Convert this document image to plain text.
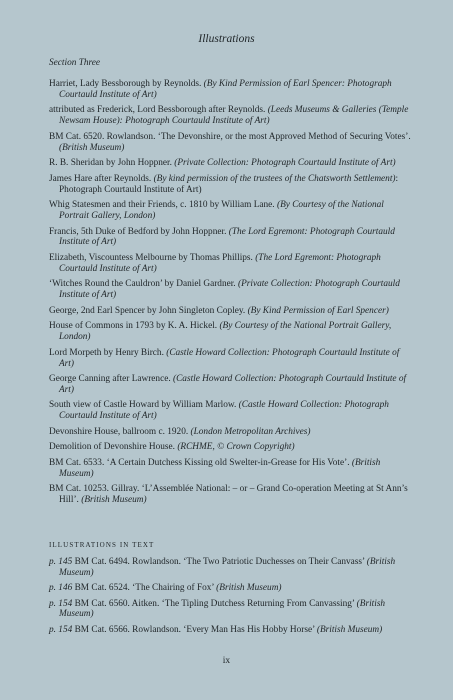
Illustrations
Section Three

Harriet, Lady Bessborough by Reynolds. (By Kind Permission of Earl Spencer: Photograph Courtauld Institute of Art)

attributed as Frederick, Lord Bessborough after Reynolds. (Leeds Museums & Galleries (Temple Newsam House): Photograph Courtauld Institute of Art)

BM Cat. 6520. Rowlandson. ‘The Devonshire, or the most Approved Method of Securing Votes’. (British Museum)

R. B. Sheridan by John Hoppner. (Private Collection: Photograph Courtauld Institute of Art)

James Hare after Reynolds. (By kind permission of the trustees of the Chatsworth Settlement): Photograph Courtauld Institute of Art)

Whig Statesmen and their Friends, c. 1810 by William Lane. (By Courtesy of the National Portrait Gallery, London)

Francis, 5th Duke of Bedford by John Hoppner. (The Lord Egremont: Photograph Courtauld Institute of Art)

Elizabeth, Viscountess Melbourne by Thomas Phillips. (The Lord Egremont: Photograph Courtauld Institute of Art)

‘Witches Round the Cauldron’ by Daniel Gardner. (Private Collection: Photograph Courtauld Institute of Art)

George, 2nd Earl Spencer by John Singleton Copley. (By Kind Permission of Earl Spencer)

House of Commons in 1793 by K. A. Hickel. (By Courtesy of the National Portrait Gallery, London)

Lord Morpeth by Henry Birch. (Castle Howard Collection: Photograph Courtauld Institute of Art)

George Canning after Lawrence. (Castle Howard Collection: Photograph Courtauld Institute of Art)

South view of Castle Howard by William Marlow. (Castle Howard Collection: Photograph Courtauld Institute of Art)

Devonshire House, ballroom c. 1920. (London Metropolitan Archives)

Demolition of Devonshire House. (RCHME, © Crown Copyright)

BM Cat. 6533. ‘A Certain Dutchess Kissing old Swelter-in-Grease for His Vote’. (British Museum)

BM Cat. 10253. Gillray. ‘L’Assemblée National: – or – Grand Co-operation Meeting at St Ann’s Hill’. (British Museum)

ILLUSTRATIONS IN TEXT

p. 145 BM Cat. 6494. Rowlandson. ‘The Two Patriotic Duchesses on Their Canvass’ (British Museum)

p. 146 BM Cat. 6524. ‘The Chairing of Fox’ (British Museum)

p. 154 BM Cat. 6560. Aitken. ‘The Tipling Dutchess Returning From Canvassing’ (British Museum)

p. 154 BM Cat. 6566. Rowlandson. ‘Every Man Has His Hobby Horse’ (British Museum)

ix
